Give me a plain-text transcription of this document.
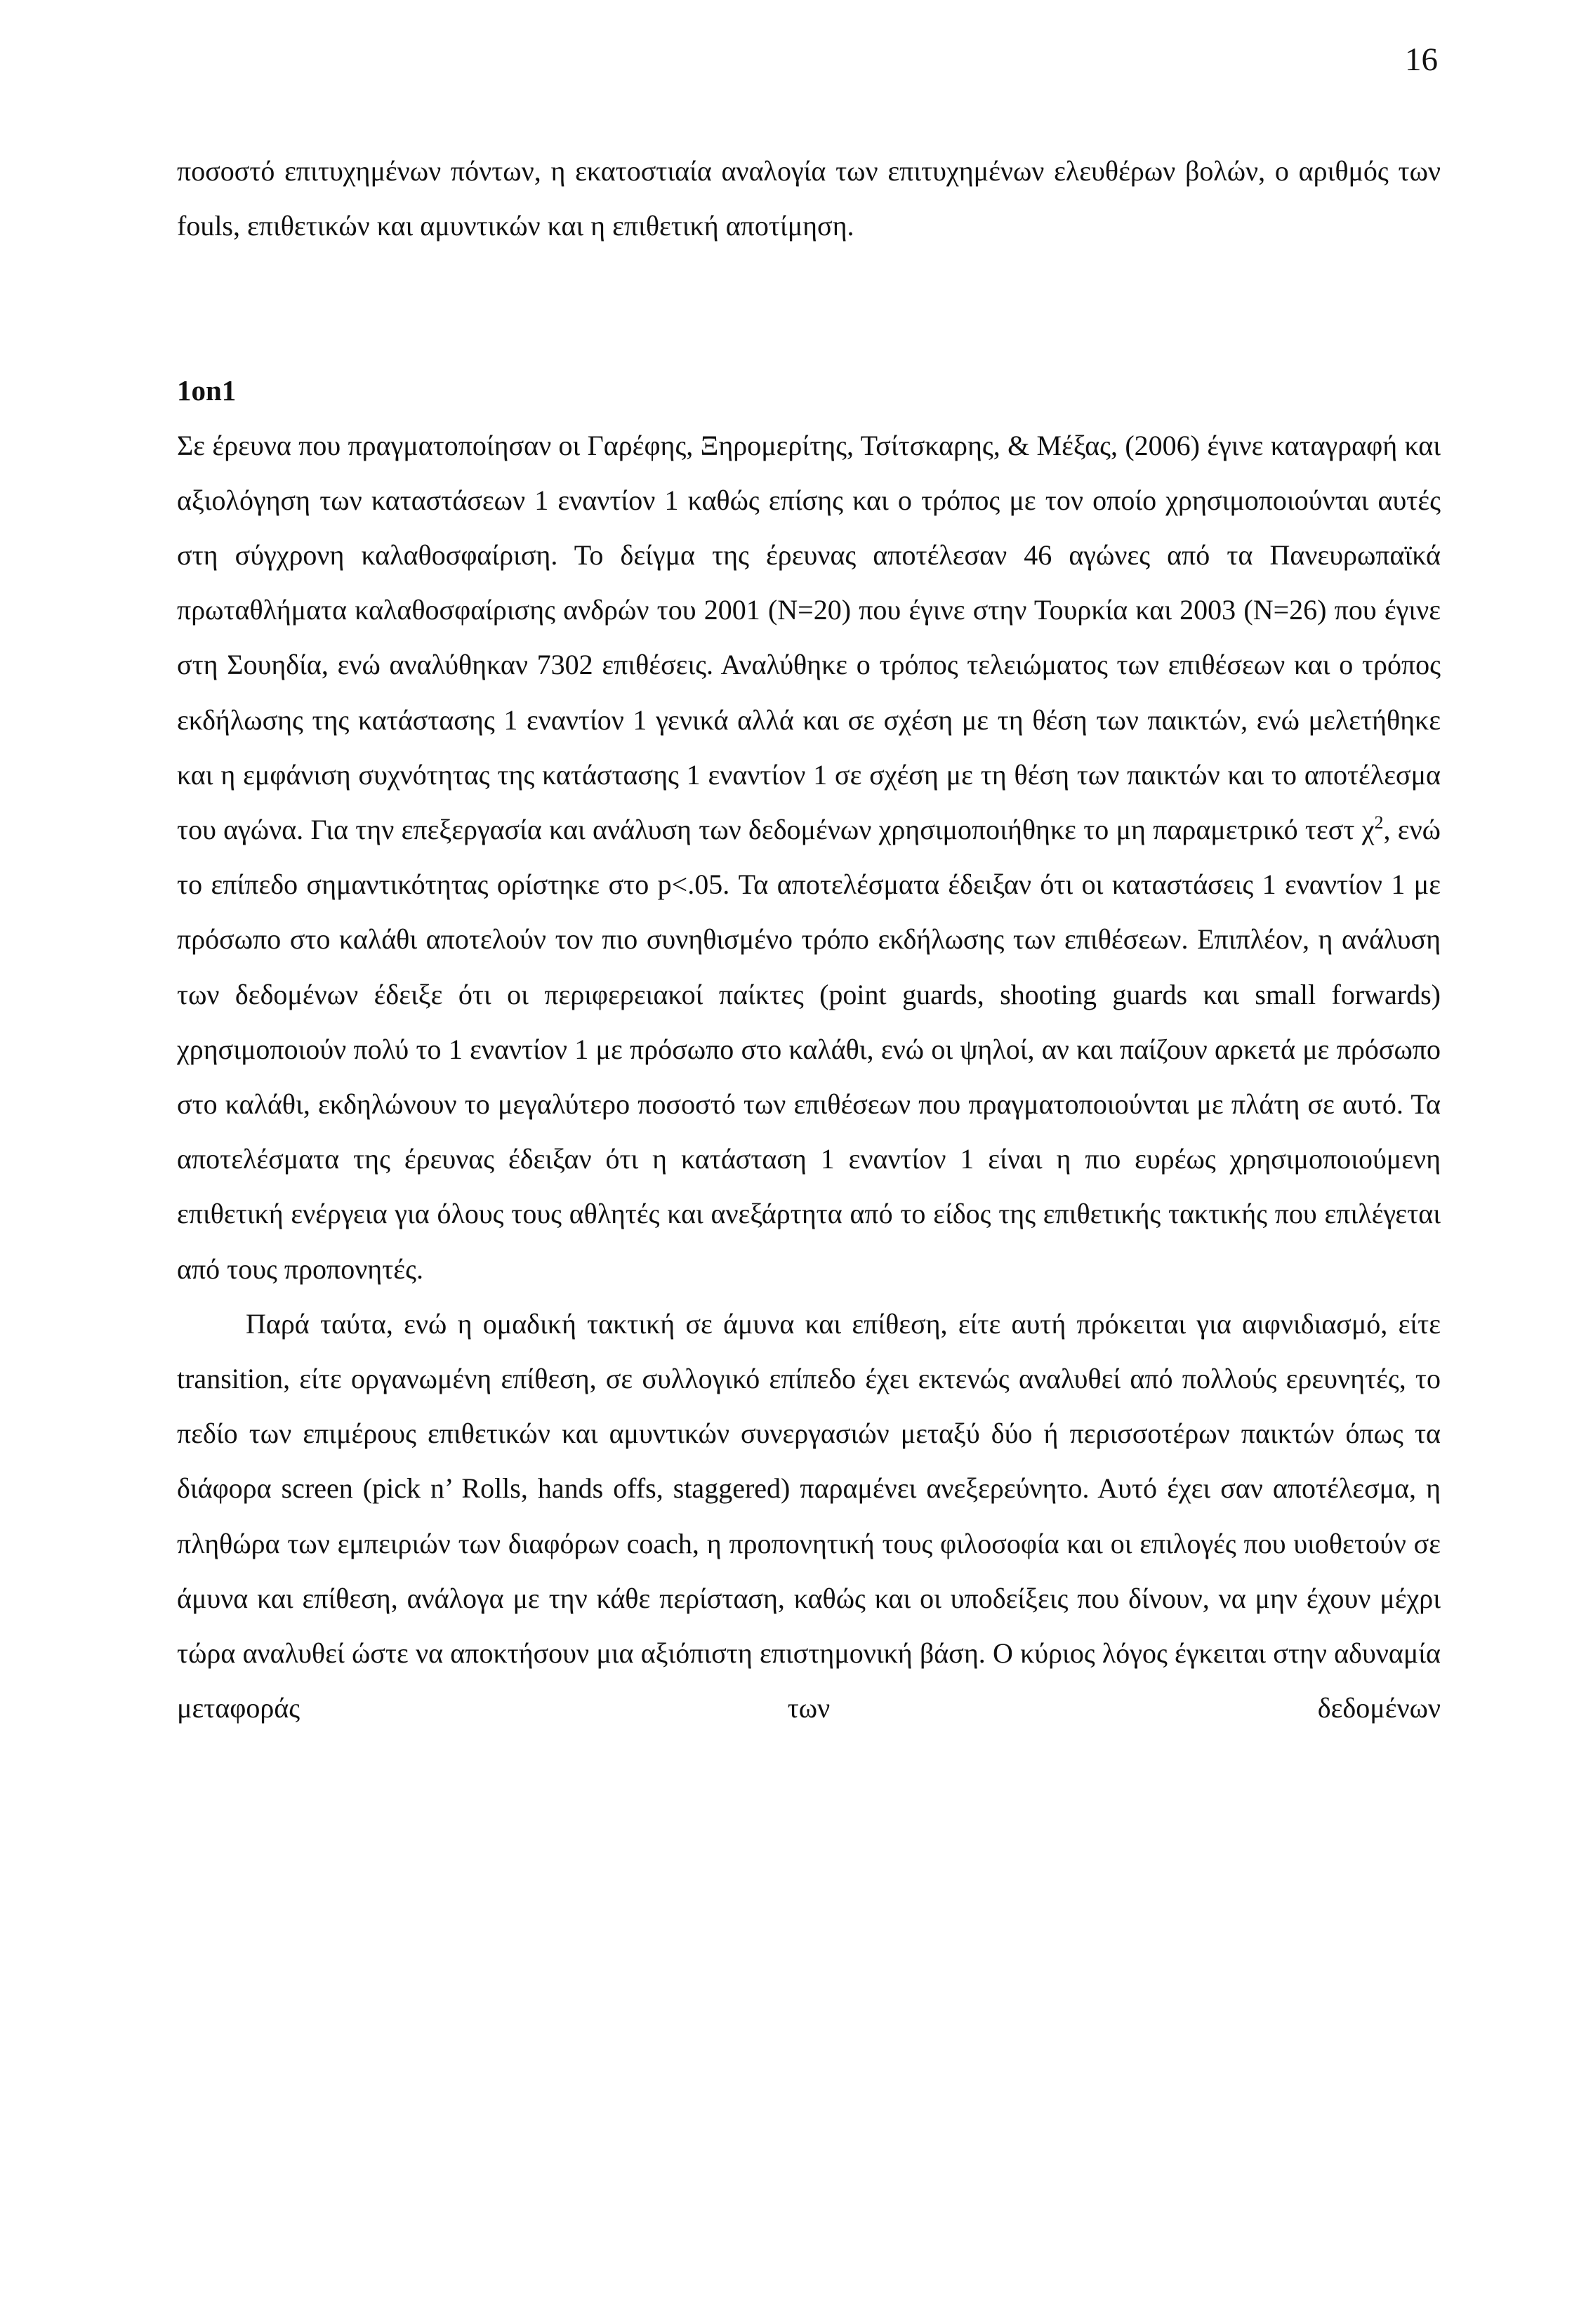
16

ποσοστό επιτυχημένων πόντων, η εκατοστιαία αναλογία των επιτυχημένων ελευθέρων βολών, ο αριθμός των fouls, επιθετικών και αμυντικών και η επιθετική αποτίμηση.

1on1

Σε έρευνα που πραγματοποίησαν οι Γαρέφης, Ξηρομερίτης, Τσίτσκαρης, & Μέξας, (2006) έγινε καταγραφή και αξιολόγηση των καταστάσεων 1 εναντίον 1 καθώς επίσης και ο τρόπος με τον οποίο χρησιμοποιούνται αυτές στη σύγχρονη καλαθοσφαίριση. Το δείγμα της έρευνας αποτέλεσαν 46 αγώνες από τα Πανευρωπαϊκά πρωταθλήματα καλαθοσφαίρισης ανδρών του 2001 (Ν=20) που έγινε στην Τουρκία και 2003 (Ν=26) που έγινε στη Σουηδία, ενώ αναλύθηκαν 7302 επιθέσεις. Αναλύθηκε ο τρόπος τελειώματος των επιθέσεων και ο τρόπος εκδήλωσης της κατάστασης 1 εναντίον 1 γενικά αλλά και σε σχέση με τη θέση των παικτών, ενώ μελετήθηκε και η εμφάνιση συχνότητας της κατάστασης 1 εναντίον 1 σε σχέση με τη θέση των παικτών και το αποτέλεσμα του αγώνα. Για την επεξεργασία και ανάλυση των δεδομένων χρησιμοποιήθηκε το μη παραμετρικό τεστ $\chi^2$, ενώ το επίπεδο σημαντικότητας ορίστηκε στο p<.05. Τα αποτελέσματα έδειξαν ότι οι καταστάσεις 1 εναντίον 1 με πρόσωπο στο καλάθι αποτελούν τον πιο συνηθισμένο τρόπο εκδήλωσης των επιθέσεων. Επιπλέον, η ανάλυση των δεδομένων έδειξε ότι οι περιφερειακοί παίκτες (point guards, shooting guards και small forwards) χρησιμοποιούν πολύ το 1 εναντίον 1 με πρόσωπο στο καλάθι, ενώ οι ψηλοί, αν και παίζουν αρκετά με πρόσωπο στο καλάθι, εκδηλώνουν το μεγαλύτερο ποσοστό των επιθέσεων που πραγματοποιούνται με πλάτη σε αυτό. Τα αποτελέσματα της έρευνας έδειξαν ότι η κατάσταση 1 εναντίον 1 είναι η πιο ευρέως χρησιμοποιούμενη επιθετική ενέργεια για όλους τους αθλητές και ανεξάρτητα από το είδος της επιθετικής τακτικής που επιλέγεται από τους προπονητές.

Παρά ταύτα, ενώ η ομαδική τακτική σε άμυνα και επίθεση, είτε αυτή πρόκειται για αιφνιδιασμό, είτε transition, είτε οργανωμένη επίθεση, σε συλλογικό επίπεδο έχει εκτενώς αναλυθεί από πολλούς ερευνητές, το πεδίο των επιμέρους επιθετικών και αμυντικών συνεργασιών μεταξύ δύο ή περισσοτέρων παικτών όπως τα διάφορα screen (pick n’ Rolls, hands offs, staggered) παραμένει ανεξερεύνητο. Αυτό έχει σαν αποτέλεσμα, η πληθώρα των εμπειριών των διαφόρων coach, η προπονητική τους φιλοσοφία και οι επιλογές που υιοθετούν σε άμυνα και επίθεση, ανάλογα με την κάθε περίσταση, καθώς και οι υποδείξεις που δίνουν, να μην έχουν μέχρι τώρα αναλυθεί ώστε να αποκτήσουν μια αξιόπιστη επιστημονική βάση. Ο κύριος λόγος έγκειται στην αδυναμία μεταφοράς των δεδομένων
